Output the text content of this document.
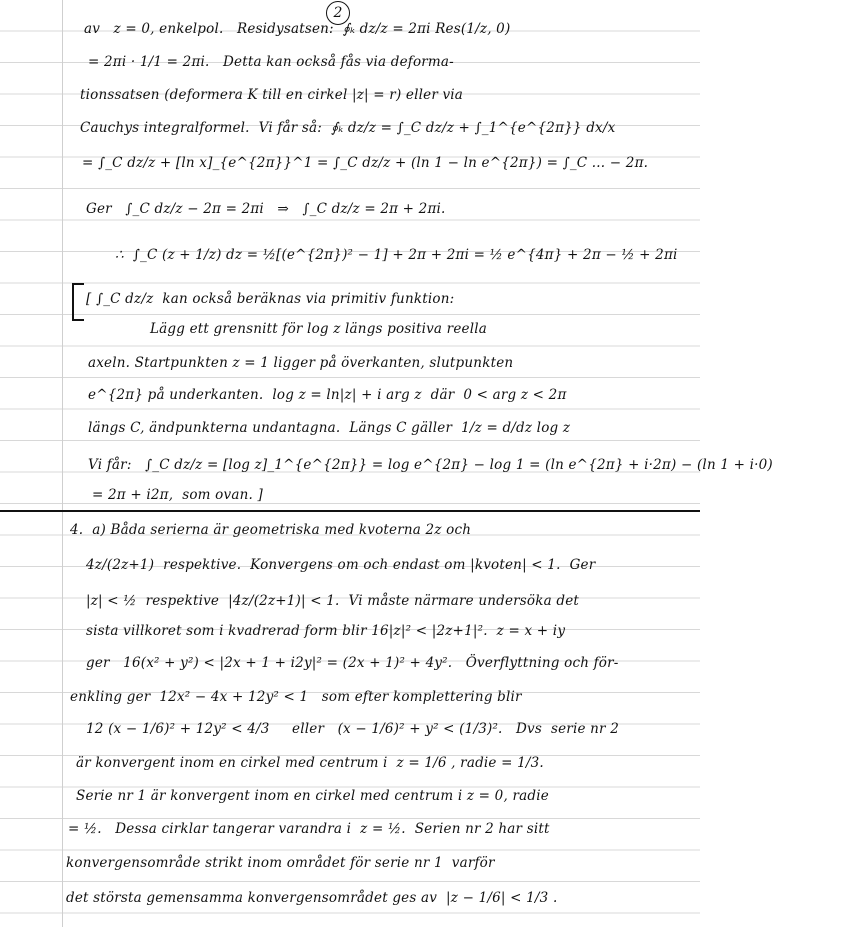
2
av   z = 0, enkelpol.   Residysatsen:  ∮ₖ dz/z = 2πi Res(1/z, 0)
= 2πi · 1/1 = 2πi.   Detta kan också fås via deforma-
tionssatsen (deformera K till en cirkel |z| = r) eller via
Cauchys integralformel.  Vi får så:  ∮ₖ dz/z = ∫_C dz/z + ∫_1^{e^{2π}} dx/x
= ∫_C dz/z + [ln x]_{e^{2π}}^1 = ∫_C dz/z + (ln 1 − ln e^{2π}) = ∫_C ... − 2π.
Ger   ∫_C dz/z − 2π = 2πi   ⇒   ∫_C dz/z = 2π + 2πi.
∴  ∫_C (z + 1/z) dz = ½[(e^{2π})² − 1] + 2π + 2πi = ½ e^{4π} + 2π − ½ + 2πi
[ ∫_C dz/z  kan också beräknas via primitiv funktion:
Lägg ett grensnitt för log z längs positiva reella
axeln. Startpunkten z = 1 ligger på överkanten, slutpunkten
e^{2π} på underkanten.  log z = ln|z| + i arg z  där  0 < arg z < 2π
längs C, ändpunkterna undantagna.  Längs C gäller  1/z = d/dz log z
Vi får:   ∫_C dz/z = [log z]_1^{e^{2π}} = log e^{2π} − log 1 = (ln e^{2π} + i·2π) − (ln 1 + i·0)
= 2π + i2π,  som ovan. ]
4.  a) Båda serierna är geometriska med kvoterna 2z och
4z/(2z+1)  respektive.  Konvergens om och endast om |kvoten| < 1.  Ger
|z| < ½  respektive  |4z/(2z+1)| < 1.  Vi måste närmare undersöka det
sista villkoret som i kvadrerad form blir 16|z|² < |2z+1|².  z = x + iy
ger   16(x² + y²) < |2x + 1 + i2y|² = (2x + 1)² + 4y².   Överflyttning och för-
enkling ger  12x² − 4x + 12y² < 1   som efter komplettering blir
12 (x − 1/6)² + 12y² < 4/3     eller   (x − 1/6)² + y² < (1/3)².   Dvs  serie nr 2
är konvergent inom en cirkel med centrum i  z = 1/6 , radie = 1/3.
Serie nr 1 är konvergent inom en cirkel med centrum i z = 0, radie
= ½.   Dessa cirklar tangerar varandra i  z = ½.  Serien nr 2 har sitt
konvergensområde strikt inom området för serie nr 1  varför
det största gemensamma konvergensområdet ges av  |z − 1/6| < 1/3 .
